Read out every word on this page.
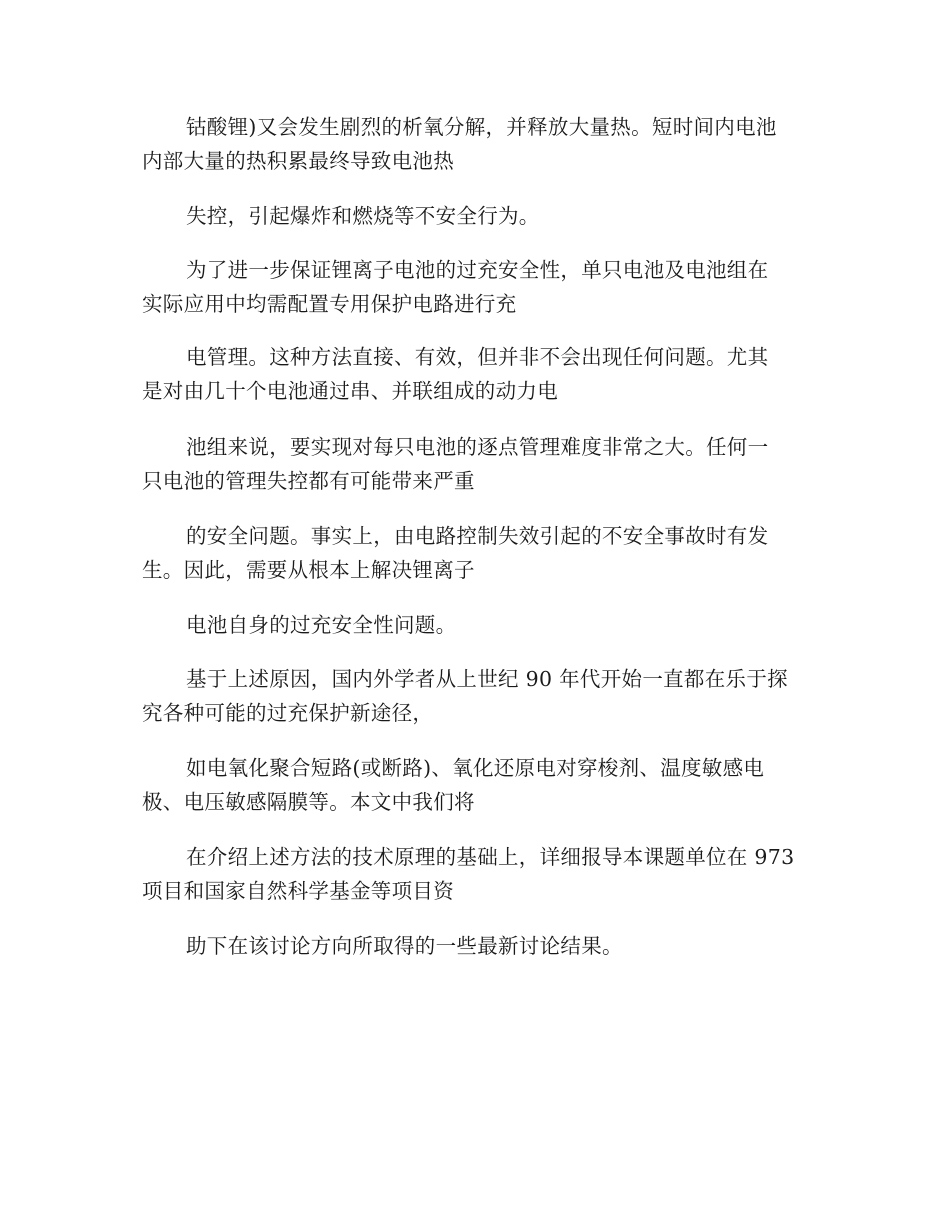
钴酸锂)又会发生剧烈的析氧分解，并释放大量热。短时间内电池
内部大量的热积累最终导致电池热
失控，引起爆炸和燃烧等不安全行为。
为了进一步保证锂离子电池的过充安全性，单只电池及电池组在
实际应用中均需配置专用保护电路进行充
电管理。这种方法直接、有效，但并非不会出现任何问题。尤其
是对由几十个电池通过串、并联组成的动力电
池组来说，要实现对每只电池的逐点管理难度非常之大。任何一
只电池的管理失控都有可能带来严重
的安全问题。事实上，由电路控制失效引起的不安全事故时有发
生。因此，需要从根本上解决锂离子
电池自身的过充安全性问题。
基于上述原因，国内外学者从上世纪 90 年代开始一直都在乐于探
究各种可能的过充保护新途径，
如电氧化聚合短路(或断路)、氧化还原电对穿梭剂、温度敏感电
极、电压敏感隔膜等。本文中我们将
在介绍上述方法的技术原理的基础上，详细报导本课题单位在 973
项目和国家自然科学基金等项目资
助下在该讨论方向所取得的一些最新讨论结果。
